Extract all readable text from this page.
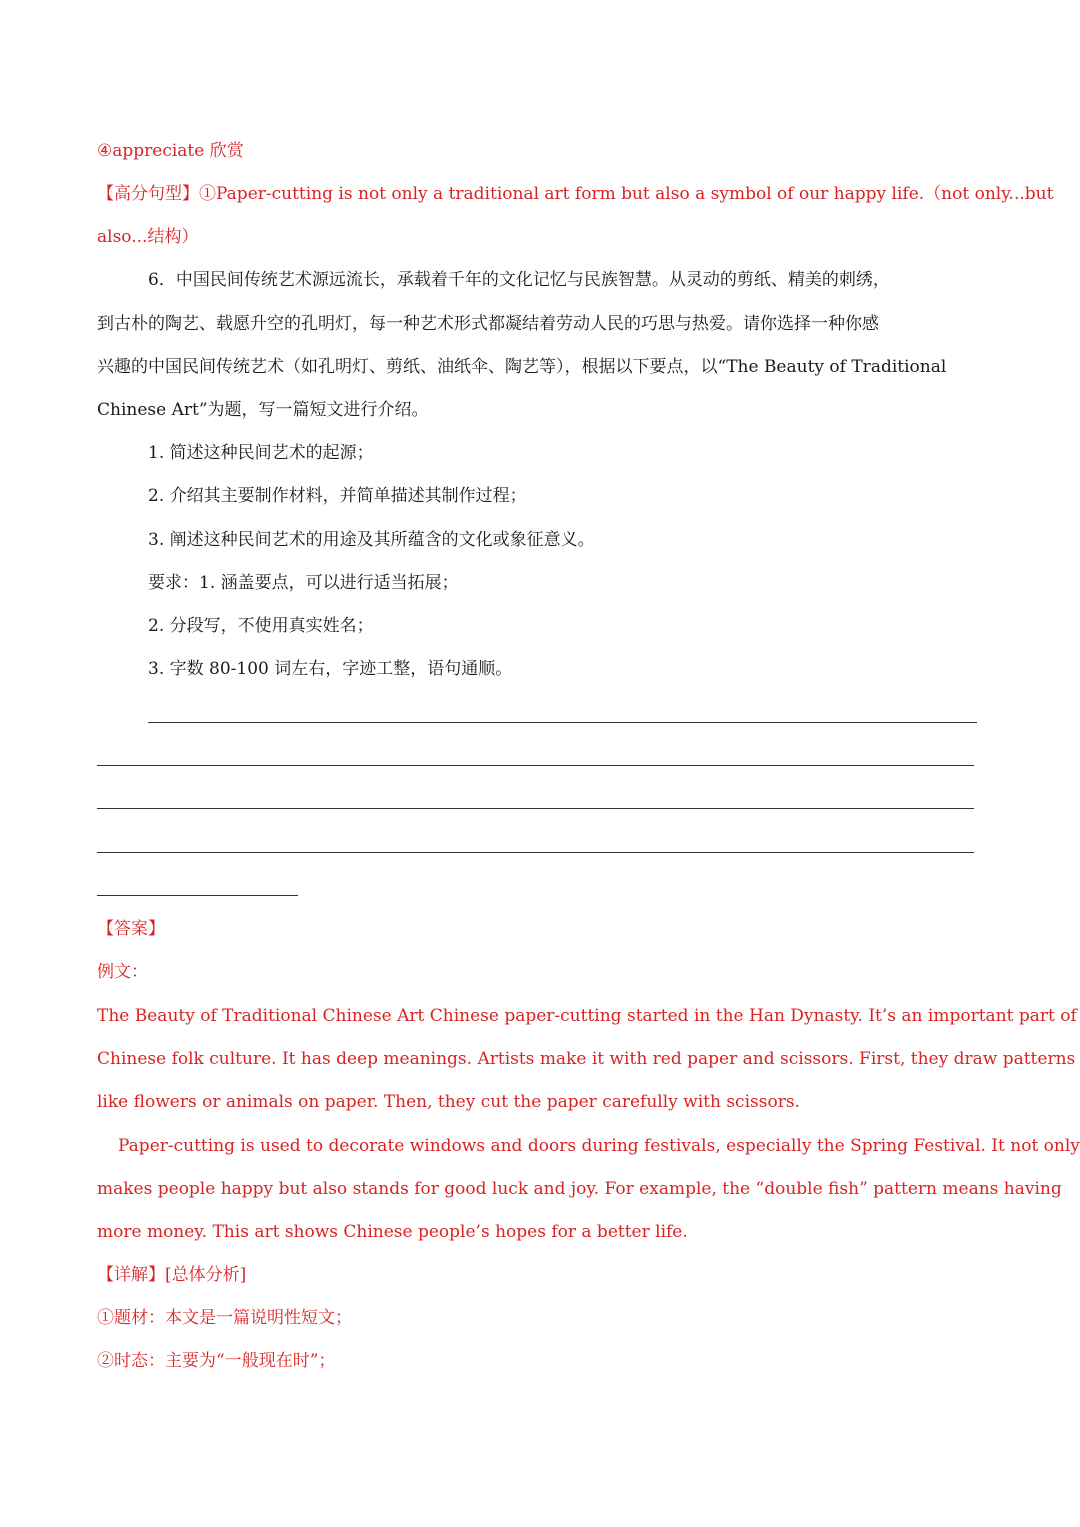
④appreciate 欣赏
【高分句型】①Paper-cutting is not only a traditional art form but also a symbol of our happy life.（not only...but
also...结构）
6．中国民间传统艺术源远流长，承载着千年的文化记忆与民族智慧。从灵动的剪纸、精美的刺绣，
到古朴的陶艺、载愿升空的孔明灯，每一种艺术形式都凝结着劳动人民的巧思与热爱。请你选择一种你感
兴趣的中国民间传统艺术（如孔明灯、剪纸、油纸伞、陶艺等），根据以下要点，以“The Beauty of Traditional
Chinese Art”为题，写一篇短文进行介绍。
1. 简述这种民间艺术的起源；
2. 介绍其主要制作材料，并简单描述其制作过程；
3. 阐述这种民间艺术的用途及其所蕴含的文化或象征意义。
要求：1. 涵盖要点，可以进行适当拓展；
2. 分段写，不使用真实姓名；
3. 字数 80-100 词左右，字迹工整，语句通顺。
【答案】
例文：
The Beauty of Traditional Chinese Art Chinese paper-cutting started in the Han Dynasty. It’s an important part of
Chinese folk culture. It has deep meanings. Artists make it with red paper and scissors. First, they draw patterns
like flowers or animals on paper. Then, they cut the paper carefully with scissors.
Paper-cutting is used to decorate windows and doors during festivals, especially the Spring Festival. It not only
makes people happy but also stands for good luck and joy. For example, the “double fish” pattern means having
more money. This art shows Chinese people’s hopes for a better life.
【详解】[总体分析]
①题材：本文是一篇说明性短文；
②时态：主要为“一般现在时”；
